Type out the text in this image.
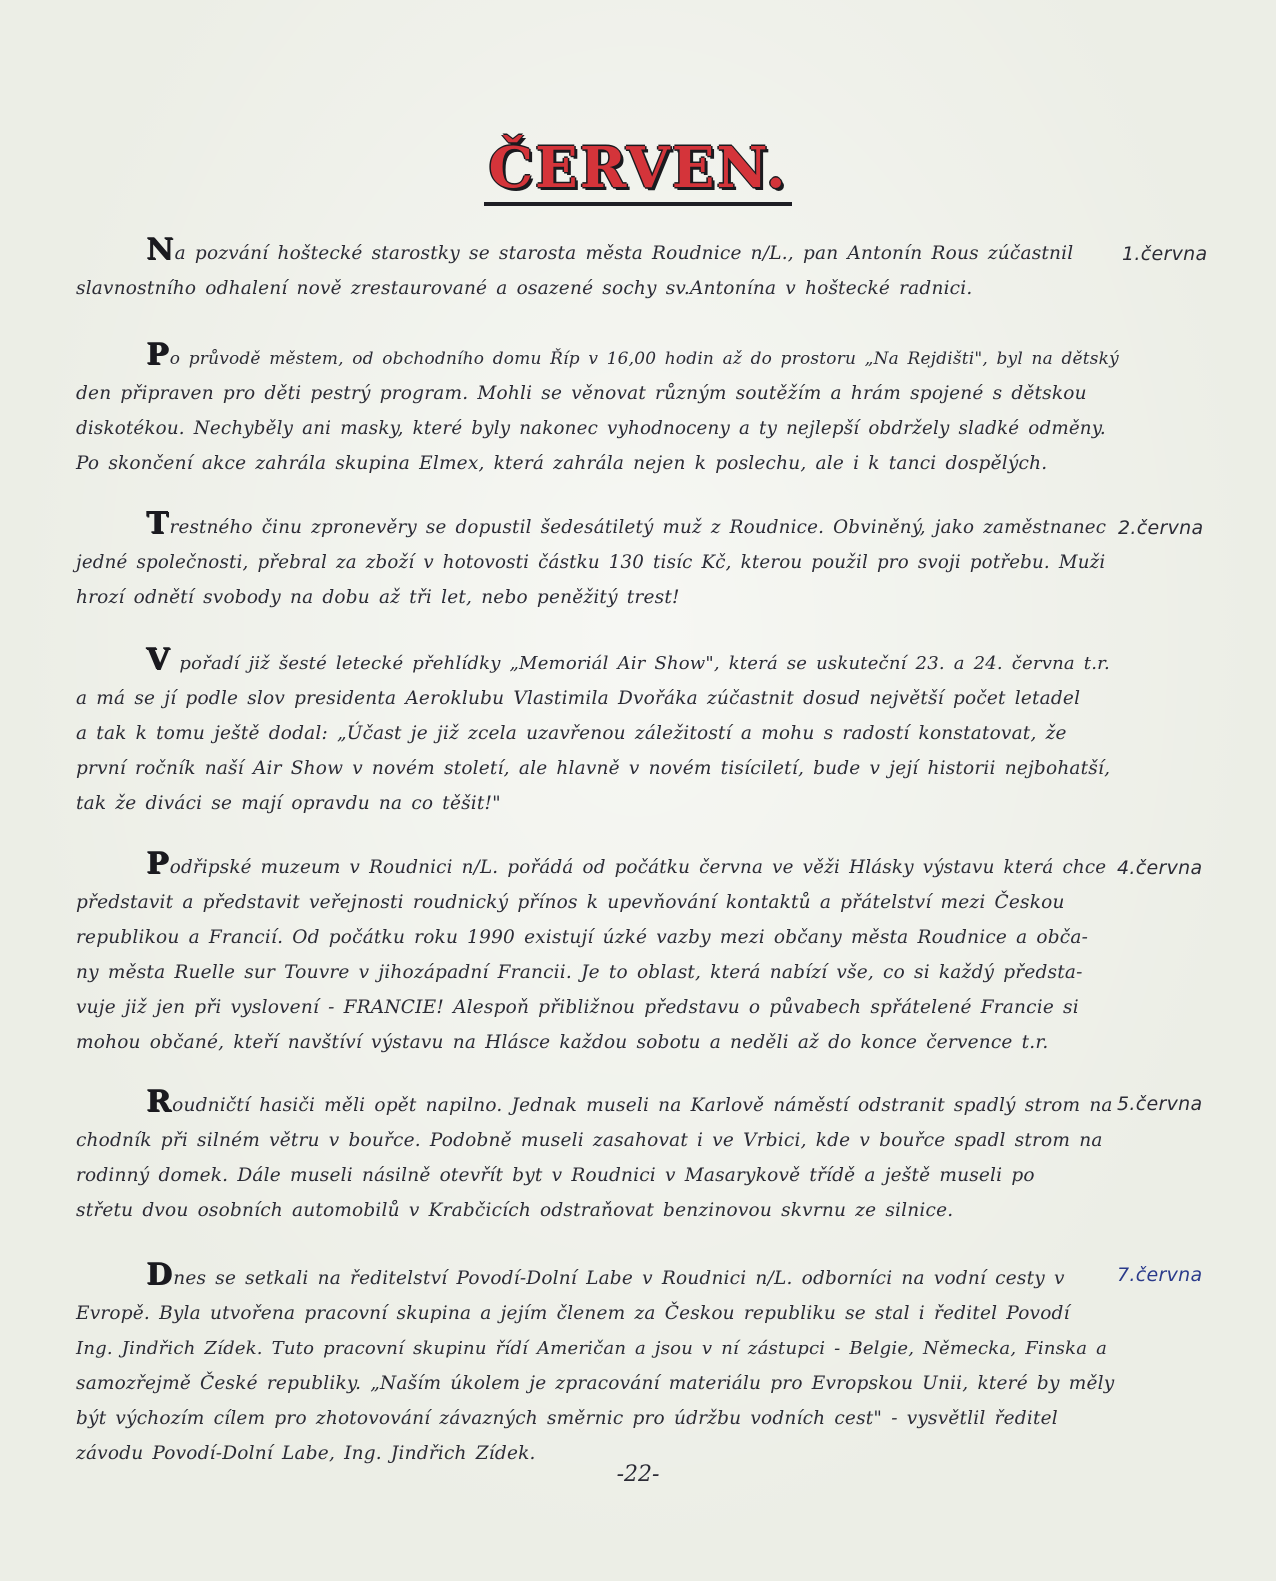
ČERVEN.
Na pozvání hoštecké starostky se starosta města Roudnice n/L., pan Antonín Rous zúčastnil
slavnostního odhalení nově zrestaurované a osazené sochy sv.Antonína v hoštecké radnici.
1.června
Po průvodě městem, od obchodního domu Říp v 16,00 hodin až do prostoru „Na Rejdišti", byl na dětský
den připraven pro děti pestrý program. Mohli se věnovat různým soutěžím a hrám spojené s dětskou
diskotékou. Nechyběly ani masky, které byly nakonec vyhodnoceny a ty nejlepší obdržely sladké odměny.
Po skončení akce zahrála skupina Elmex, která zahrála nejen k poslechu, ale i k tanci dospělých.
Trestného činu zpronevěry se dopustil šedesátiletý muž z Roudnice. Obviněný, jako zaměstnanec
jedné společnosti, přebral za zboží v hotovosti částku 130 tisíc Kč, kterou použil pro svoji potřebu. Muži
hrozí odnětí svobody na dobu až tři let, nebo peněžitý trest!
2.června
V pořadí již šesté letecké přehlídky „Memoriál Air Show", která se uskuteční 23. a 24. června t.r.
a má se jí podle slov presidenta Aeroklubu Vlastimila Dvořáka zúčastnit dosud největší počet letadel
a tak k tomu ještě dodal: „Účast je již zcela uzavřenou záležitostí a mohu s radostí konstatovat, že
první ročník naší Air Show v novém století, ale hlavně v novém tisíciletí, bude v její historii nejbohatší,
tak že diváci se mají opravdu na co těšit!"
Podřipské muzeum v Roudnici n/L. pořádá od počátku června ve věži Hlásky výstavu která chce
představit a představit veřejnosti roudnický přínos k upevňování kontaktů a přátelství mezi Českou
republikou a Francií. Od počátku roku 1990 existují úzké vazby mezi občany města Roudnice a obča-
ny města Ruelle sur Touvre v jihozápadní Francii. Je to oblast, která nabízí vše, co si každý předsta-
vuje již jen při vyslovení - FRANCIE! Alespoň přibližnou představu o půvabech spřátelené Francie si
mohou občané, kteří navštíví výstavu na Hlásce každou sobotu a neděli až do konce července t.r.
4.června
Roudničtí hasiči měli opět napilno. Jednak museli na Karlově náměstí odstranit spadlý strom na
chodník při silném větru v bouřce. Podobně museli zasahovat i ve Vrbici, kde v bouřce spadl strom na
rodinný domek. Dále museli násilně otevřít byt v Roudnici v Masarykově třídě a ještě museli po
střetu dvou osobních automobilů v Krabčicích odstraňovat benzinovou skvrnu ze silnice.
5.června
Dnes se setkali na ředitelství Povodí-Dolní Labe v Roudnici n/L. odborníci na vodní cesty v
Evropě. Byla utvořena pracovní skupina a jejím členem za Českou republiku se stal i ředitel Povodí
Ing. Jindřich Zídek. Tuto pracovní skupinu řídí Američan a jsou v ní zástupci - Belgie, Německa, Finska a
samozřejmě České republiky. „Naším úkolem je zpracování materiálu pro Evropskou Unii, které by měly
být výchozím cílem pro zhotovování závazných směrnic pro údržbu vodních cest" - vysvětlil ředitel
závodu Povodí-Dolní Labe, Ing. Jindřich Zídek.
7.června
-22-
